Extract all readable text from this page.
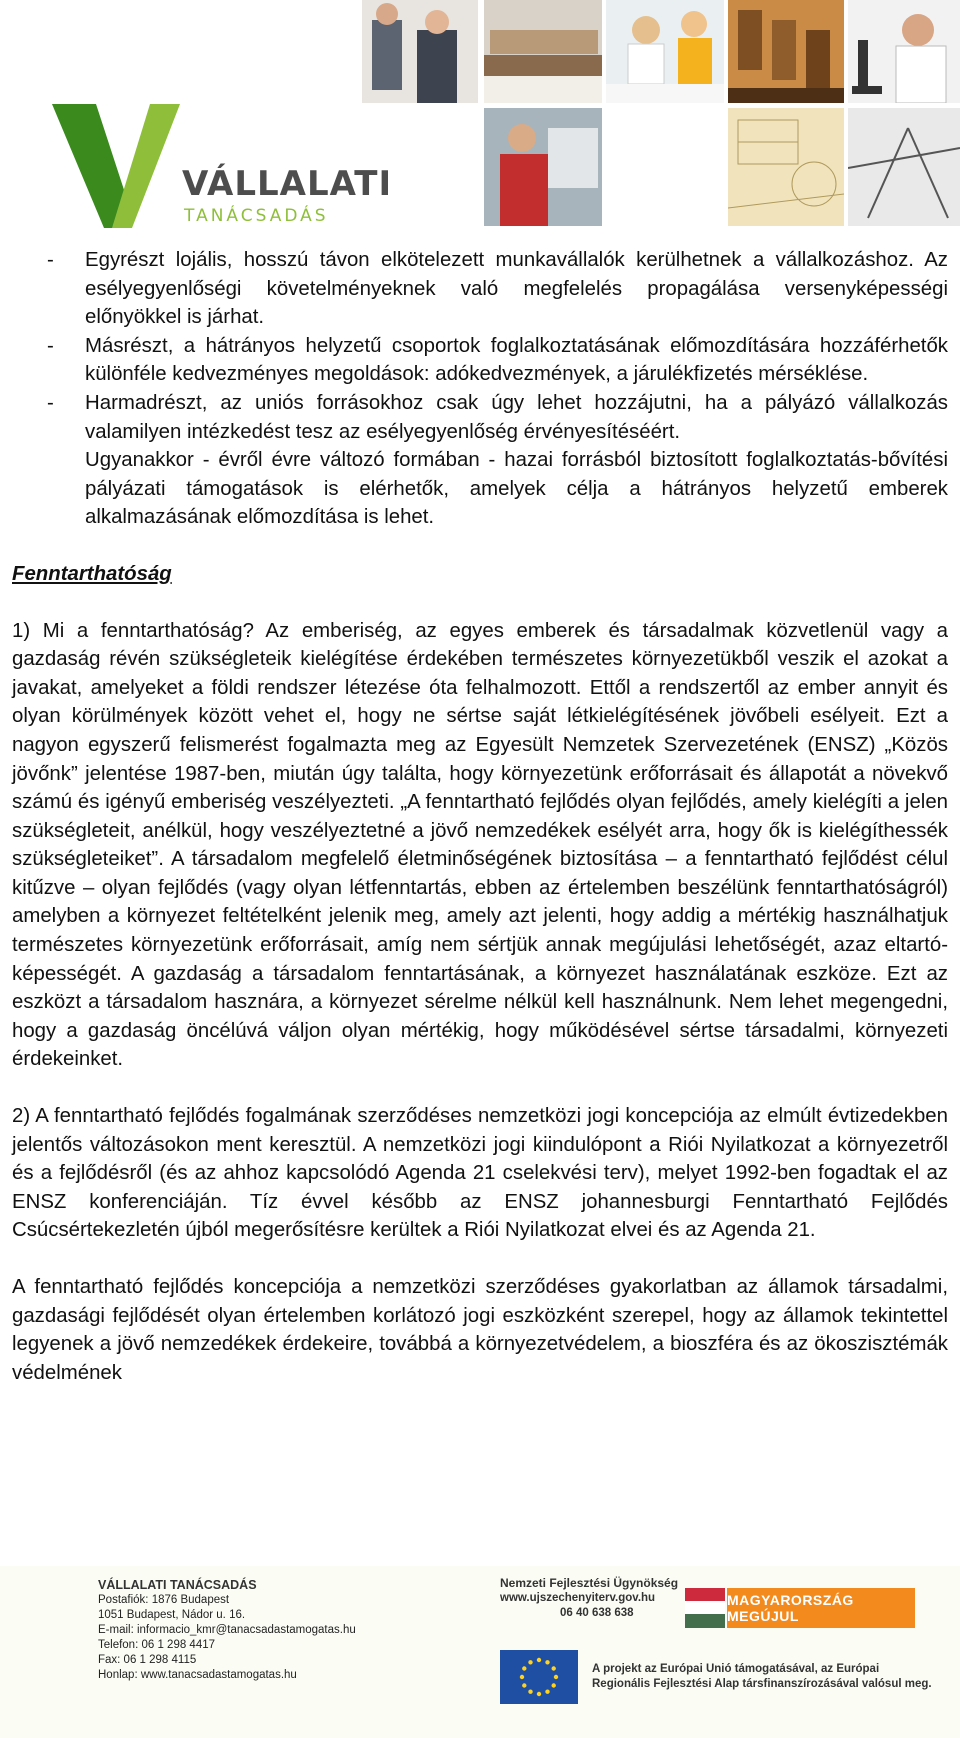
VÁLLALATI
TANÁCSADÁS
-	Egyrészt lojális, hosszú távon elkötelezett munkavállalók kerülhetnek a vállalkozáshoz. Az esélyegyenlőségi követelményeknek való megfelelés propagálása versenyképességi előnyökkel is járhat.
-	Másrészt, a hátrányos helyzetű csoportok foglalkoztatásának előmozdítására hozzáférhetők különféle kedvezményes megoldások: adókedvezmények, a járulékfizetés mérséklése.
-	Harmadrészt, az uniós forrásokhoz csak úgy lehet hozzájutni, ha a pályázó vállalkozás valamilyen intézkedést tesz az esélyegyenlőség érvényesítéséért.

Ugyanakkor - évről évre változó formában - hazai forrásból biztosított foglalkoztatás-bővítési pályázati támogatások is elérhetők, amelyek célja a hátrányos helyzetű emberek alkalmazásának előmozdítása is lehet.

Fenntarthatóság

1) Mi a fenntarthatóság? Az emberiség, az egyes emberek és társadalmak közvetlenül vagy a gazdaság révén szükségleteik kielégítése érdekében természetes környezetükből veszik el azokat a javakat, amelyeket a földi rendszer létezése óta felhalmozott. Ettől a rendszertől az ember annyit és olyan körülmények között vehet el, hogy ne sértse saját létkielégítésének jövőbeli esélyeit. Ezt a nagyon egyszerű felismerést fogalmazta meg az Egyesült Nemzetek Szervezetének (ENSZ) „Közös jövőnk” jelentése 1987-ben, miután úgy találta, hogy környezetünk erőforrásait és állapotát a növekvő számú és igényű emberiség veszélyezteti. „A fenntartható fejlődés olyan fejlődés, amely kielégíti a jelen szükségleteit, anélkül, hogy veszélyeztetné a jövő nemzedékek esélyét arra, hogy ők is kielégíthessék szükségleteiket”. A társadalom megfelelő életminőségének biztosítása – a fenntartható fejlődést célul kitűzve – olyan fejlődés (vagy olyan létfenntartás, ebben az értelemben beszélünk fenntarthatóságról) amelyben a környezet feltételként jelenik meg, amely azt jelenti, hogy addig a mértékig használhatjuk természetes környezetünk erőforrásait, amíg nem sértjük annak megújulási lehetőségét, azaz eltartó-képességét. A gazdaság a társadalom fenntartásának, a környezet használatának eszköze. Ezt az eszközt a társadalom hasznára, a környezet sérelme nélkül kell használnunk. Nem lehet megengedni, hogy a gazdaság öncélúvá váljon olyan mértékig, hogy működésével sértse társadalmi, környezeti érdekeinket.

2) A fenntartható fejlődés fogalmának szerződéses nemzetközi jogi koncepciója az elmúlt évtizedekben jelentős változásokon ment keresztül. A nemzetközi jogi kiindulópont a Riói Nyilatkozat a környezetről és a fejlődésről (és az ahhoz kapcsolódó Agenda 21 cselekvési terv), melyet 1992-ben fogadtak el az ENSZ konferenciáján. Tíz évvel később az ENSZ johannesburgi Fenntartható Fejlődés Csúcsértekezletén újból megerősítésre kerültek a Riói Nyilatkozat elvei és az Agenda 21.

A fenntartható fejlődés koncepciója a nemzetközi szerződéses gyakorlatban az államok társadalmi, gazdasági fejlődését olyan értelemben korlátozó jogi eszközként szerepel, hogy az államok tekintettel legyenek a jövő nemzedékek érdekeire, továbbá a környezetvédelem, a bioszféra és az ökoszisztémák védelmének

VÁLLALATI TANÁCSADÁS
Postafiók: 1876 Budapest
1051 Budapest, Nádor u. 16.
E-mail: informacio_kmr@tanacsadastamogatas.hu
Telefon: 06 1 298 4417
Fax: 06 1 298 4115
Honlap: www.tanacsadastamogatas.hu
Nemzeti Fejlesztési Ügynökség
www.ujszechenyiterv.gov.hu
06 40 638 638
MAGYARORSZÁG MEGÚJUL
A projekt az Európai Unió támogatásával, az Európai Regionális Fejlesztési Alap társfinanszírozásával valósul meg.
